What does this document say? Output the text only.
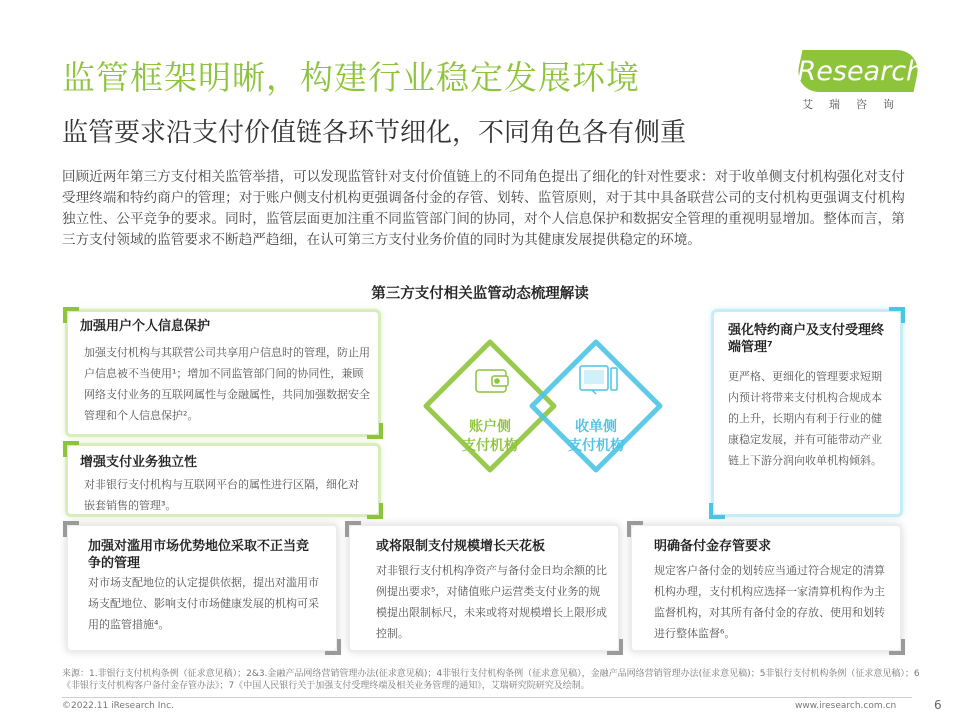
监管框架明晰，构建行业稳定发展环境
监管要求沿支付价值链各环节细化，不同角色各有侧重
iResearch
艾瑞咨询
回顾近两年第三方支付相关监管举措，可以发现监管针对支付价值链上的不同角色提出了细化的针对性要求：对于收单侧支付机构强化对支付受理终端和特约商户的管理；对于账户侧支付机构更强调备付金的存管、划转、监管原则，对于其中具备联营公司的支付机构更强调支付机构独立性、公平竞争的要求。同时，监管层面更加注重不同监管部门间的协同，对个人信息保护和数据安全管理的重视明显增加。整体而言，第三方支付领域的监管要求不断趋严趋细，在认可第三方支付业务价值的同时为其健康发展提供稳定的环境。
第三方支付相关监管动态梳理解读
加强用户个人信息保护
加强支付机构与其联营公司共享用户信息时的管理，防止用户信息被不当使用¹；增加不同监管部门间的协同性，兼顾网络支付业务的互联网属性与金融属性，共同加强数据安全管理和个人信息保护²。
增强支付业务独立性
对非银行支付机构与互联网平台的属性进行区隔，细化对嵌套销售的管理³。
强化特约商户及支付受理终端管理⁷
更严格、更细化的管理要求短期内预计将带来支付机构合规成本的上升，长期内有利于行业的健康稳定发展，并有可能带动产业链上下游分润向收单机构倾斜。
加强对滥用市场优势地位采取不正当竞争的管理
对市场支配地位的认定提供依据，提出对滥用市场支配地位、影响支付市场健康发展的机构可采用的监管措施⁴。
或将限制支付规模增长天花板
对非银行支付机构净资产与备付金日均余额的比例提出要求⁵，对储值账户运营类支付业务的规模提出限制标尺，未来或将对规模增长上限形成控制。
明确备付金存管要求
规定客户备付金的划转应当通过符合规定的清算机构办理，支付机构应选择一家清算机构作为主监督机构，对其所有备付金的存放、使用和划转进行整体监督⁶。
账户侧
支付机构
收单侧
支付机构
来源：1.非银行支付机构条例（征求意见稿）；2&3.金融产品网络营销管理办法(征求意见稿)；4非银行支付机构条例（征求意见稿），金融产品网络营销管理办法(征求意见稿)；5非银行支付机构条例（征求意见稿）；6《非银行支付机构客户备付金存管办法》；7《中国人民银行关于加强支付受理终端及相关业务管理的通知》，艾瑞研究院研究及绘制。
©2022.11 iResearch Inc.	www.iresearch.com.cn	6
